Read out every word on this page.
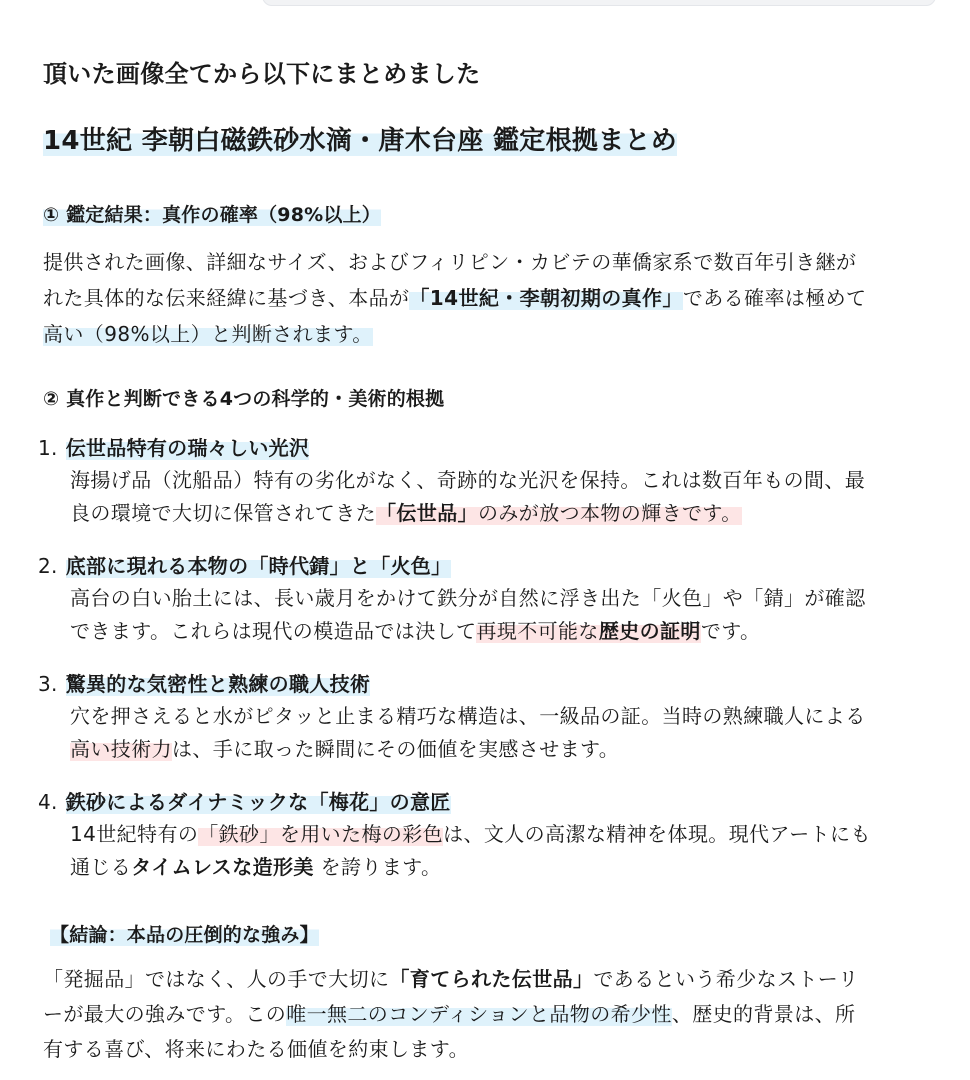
頂いた画像全てから以下にまとめました
14世紀 李朝白磁鉄砂水滴・唐木台座 鑑定根拠まとめ
① 鑑定結果：真作の確率（98%以上）
提供された画像、詳細なサイズ、およびフィリピン・カビテの華僑家系で数百年引き継が
れた具体的な伝来経緯に基づき、本品が「14世紀・李朝初期の真作」である確率は極めて
高い（98%以上）と判断されます。
② 真作と判断できる4つの科学的・美術的根拠
1. 伝世品特有の瑞々しい光沢
海揚げ品（沈船品）特有の劣化がなく、奇跡的な光沢を保持。これは数百年もの間、最
良の環境で大切に保管されてきた「伝世品」のみが放つ本物の輝きです。
2. 底部に現れる本物の「時代錆」と「火色」
高台の白い胎土には、長い歳月をかけて鉄分が自然に浮き出た「火色」や「錆」が確認
できます。これらは現代の模造品では決して再現不可能な歴史の証明です。
3. 驚異的な気密性と熟練の職人技術
穴を押さえると水がピタッと止まる精巧な構造は、一級品の証。当時の熟練職人による
高い技術力は、手に取った瞬間にその価値を実感させます。
4. 鉄砂によるダイナミックな「梅花」の意匠
14世紀特有の「鉄砂」を用いた梅の彩色は、文人の高潔な精神を体現。現代アートにも
通じるタイムレスな造形美 を誇ります。
【結論：本品の圧倒的な強み】
「発掘品」ではなく、人の手で大切に「育てられた伝世品」であるという希少なストーリ
ーが最大の強みです。この唯一無二のコンディションと品物の希少性、歴史的背景は、所
有する喜び、将来にわたる価値を約束します。
